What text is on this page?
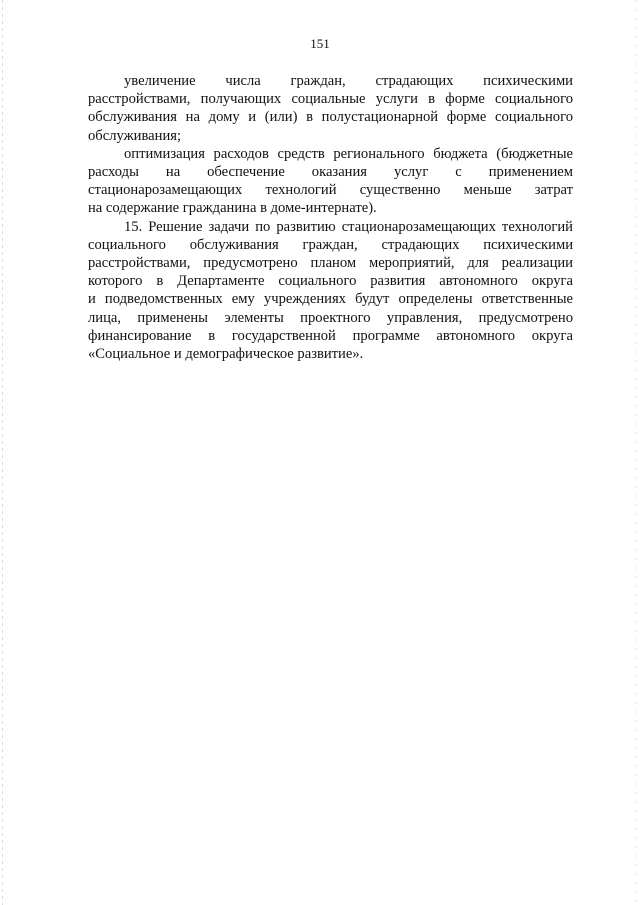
151

увеличение числа граждан, страдающих психическими
расстройствами, получающих социальные услуги в форме социального
обслуживания на дому и (или) в полустационарной форме социального
обслуживания;

оптимизация расходов средств регионального бюджета (бюджетные
расходы на обеспечение оказания услуг с применением
стационарозамещающих технологий существенно меньше затрат
на содержание гражданина в доме-интернате).

15. Решение задачи по развитию стационарозамещающих технологий
социального обслуживания граждан, страдающих психическими
расстройствами, предусмотрено планом мероприятий, для реализации
которого в Департаменте социального развития автономного округа
и подведомственных ему учреждениях будут определены ответственные
лица, применены элементы проектного управления, предусмотрено
финансирование в государственной программе автономного округа
«Социальное и демографическое развитие».
